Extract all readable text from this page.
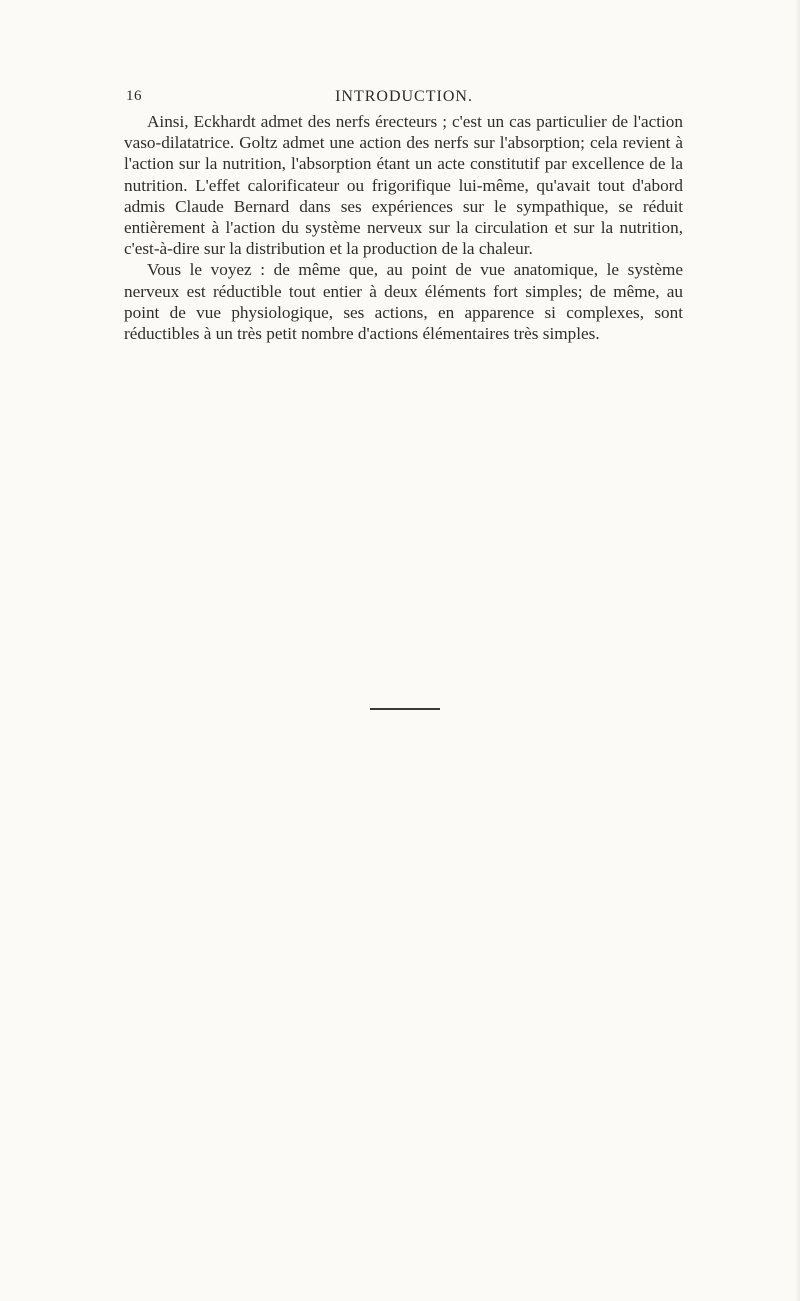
16	INTRODUCTION.

Ainsi, Eckhardt admet des nerfs érecteurs ; c'est un cas particulier de l'action vaso-dilatatrice. Goltz admet une action des nerfs sur l'absorption; cela revient à l'action sur la nutrition, l'absorption étant un acte constitutif par excellence de la nutrition. L'effet calorificateur ou frigorifique lui-même, qu'avait tout d'abord admis Claude Bernard dans ses expériences sur le sympathique, se réduit entièrement à l'action du système nerveux sur la circulation et sur la nutrition, c'est-à-dire sur la distribution et la production de la chaleur.

Vous le voyez : de même que, au point de vue anatomique, le système nerveux est réductible tout entier à deux éléments fort simples; de même, au point de vue physiologique, ses actions, en apparence si complexes, sont réductibles à un très petit nombre d'actions élémentaires très simples.
